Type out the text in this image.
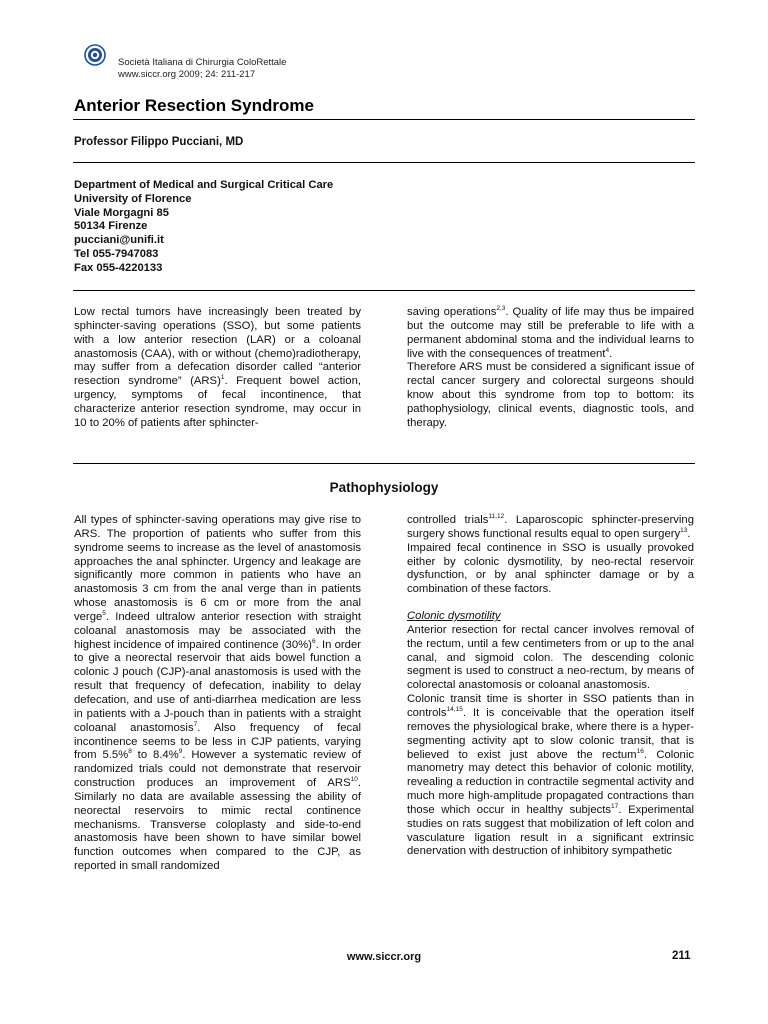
Società Italiana di Chirurgia ColoRettale
www.siccr.org 2009; 24: 211-217
Anterior Resection Syndrome
Professor Filippo Pucciani, MD
Department of Medical and Surgical Critical Care
University of Florence
Viale Morgagni 85
50134 Firenze
pucciani@unifi.it
Tel 055-7947083
Fax 055-4220133

Low rectal tumors have increasingly been treated by sphincter-saving operations (SSO), but some patients with a low anterior resection (LAR) or a coloanal anastomosis (CAA), with or without (chemo)radiotherapy, may suffer from a defecation disorder called “anterior resection syndrome” (ARS)$^1$. Frequent bowel action, urgency, symptoms of fecal incontinence, that characterize anterior resection syndrome, may occur in 10 to 20% of patients after sphincter-

saving operations$^{2,3}$. Quality of life may thus be impaired but the outcome may still be preferable to life with a permanent abdominal stoma and the individual learns to live with the consequences of treatment$^4$.

Therefore ARS must be considered a significant issue of rectal cancer surgery and colorectal surgeons should know about this syndrome from top to bottom: its pathophysiology, clinical events, diagnostic tools, and therapy.

Pathophysiology

All types of sphincter-saving operations may give rise to ARS. The proportion of patients who suffer from this syndrome seems to increase as the level of anastomosis approaches the anal sphincter. Urgency and leakage are significantly more common in patients who have an anastomosis 3 cm from the anal verge than in patients whose anastomosis is 6 cm or more from the anal verge$^5$. Indeed ultralow anterior resection with straight coloanal anastomosis may be associated with the highest incidence of impaired continence $(30\%)^6$. In order to give a neorectal reservoir that aids bowel function a colonic J pouch (CJP)-anal anastomosis is used with the result that frequency of defecation, inability to delay defecation, and use of anti-diarrhea medication are less in patients with a J-pouch than in patients with a straight coloanal anastomosis$^7$. Also frequency of fecal incontinence seems to be less in CJP patients, varying from 5.5%$^8$ to 8.4%$^9$. However a systematic review of randomized trials could not demonstrate that reservoir construction produces an improvement of ARS$^{10}$. Similarly no data are available assessing the ability of neorectal reservoirs to mimic rectal continence mechanisms. Transverse coloplasty and side-to-end anastomosis have been shown to have similar bowel function outcomes when compared to the CJP, as reported in small randomized

controlled trials$^{11,12}$. Laparoscopic sphincter-preserving surgery shows functional results equal to open surgery$^{13}$.

Impaired fecal continence in SSO is usually provoked either by colonic dysmotility, by neo-rectal reservoir dysfunction, or by anal sphincter damage or by a combination of these factors.

Colonic dysmotility

Anterior resection for rectal cancer involves removal of the rectum, until a few centimeters from or up to the anal canal, and sigmoid colon. The descending colonic segment is used to construct a neo-rectum, by means of colorectal anastomosis or coloanal anastomosis.

Colonic transit time is shorter in SSO patients than in controls$^{14,15}$. It is conceivable that the operation itself removes the physiological brake, where there is a hyper-segmenting activity apt to slow colonic transit, that is believed to exist just above the rectum$^{16}$. Colonic manometry may detect this behavior of colonic motility, revealing a reduction in contractile segmental activity and much more high-amplitude propagated contractions than those which occur in healthy subjects$^{17}$. Experimental studies on rats suggest that mobilization of left colon and vasculature ligation result in a significant extrinsic denervation with destruction of inhibitory sympathetic

www.siccr.org	211
